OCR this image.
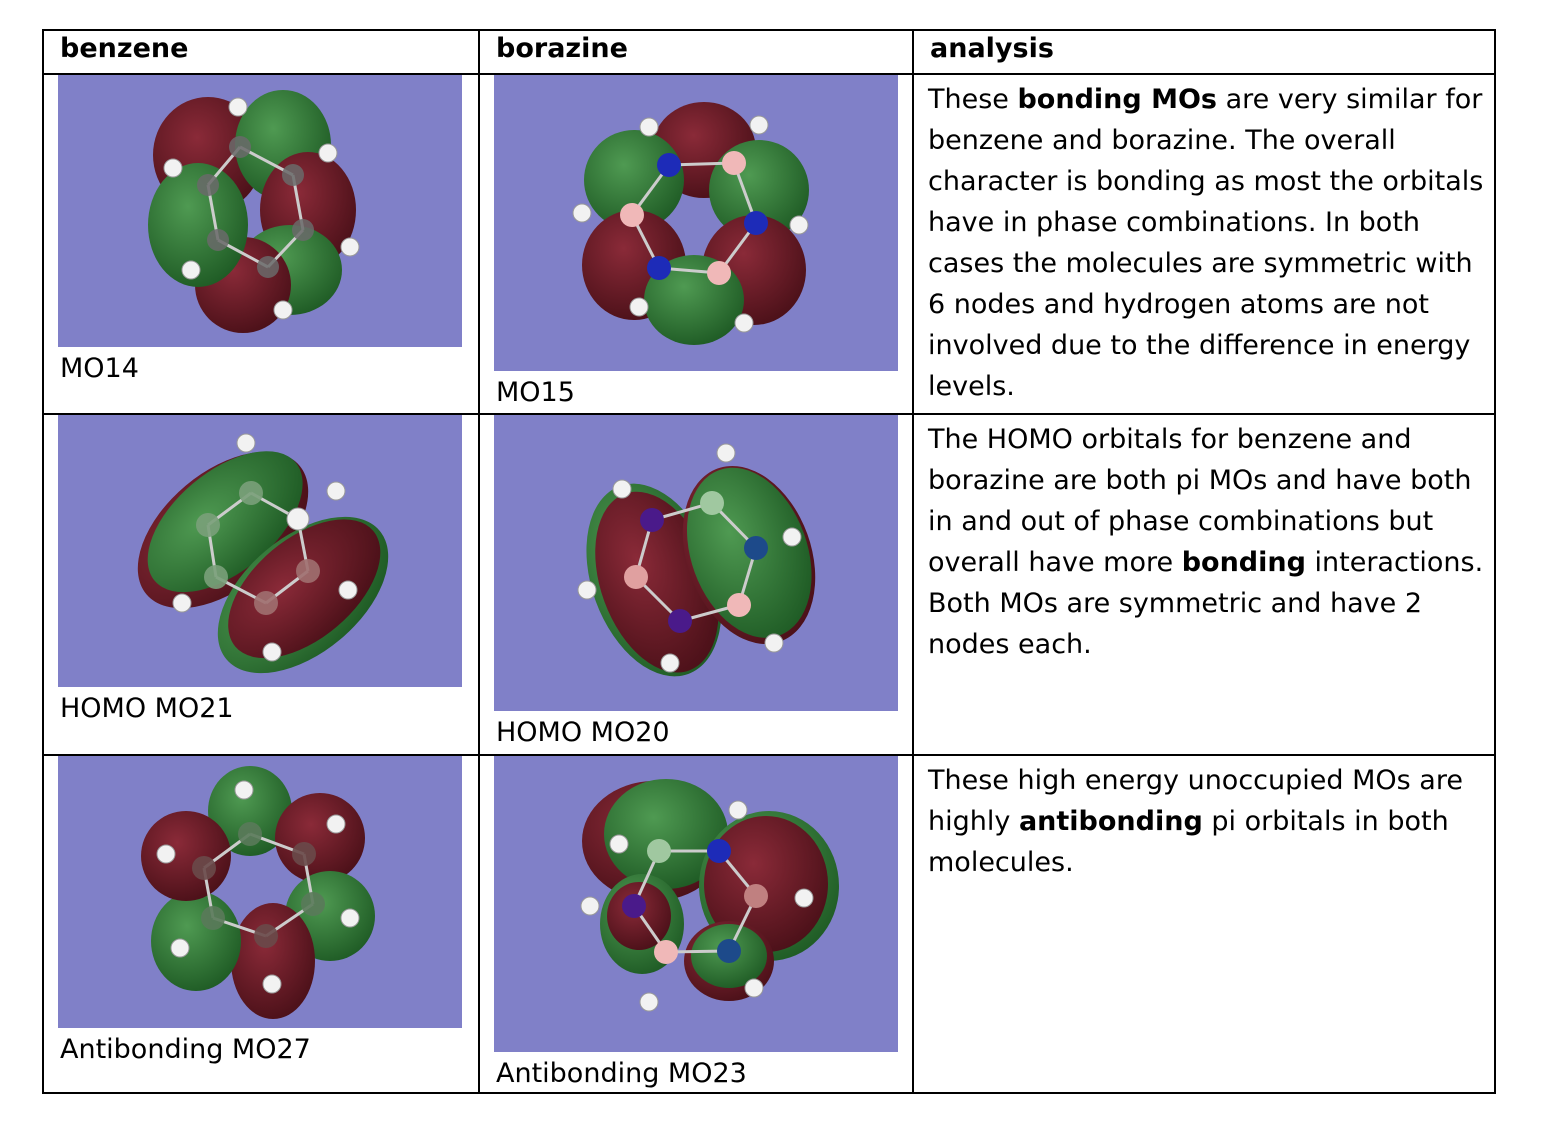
benzene	borazine	analysis

MO14	MO15	These bonding MOs are very similar for benzene and borazine. The overall character is bonding as most the orbitals have in phase combinations. In both cases the molecules are symmetric with 6 nodes and hydrogen atoms are not involved due to the difference in energy levels.

HOMO MO21	HOMO MO20	The HOMO orbitals for benzene and borazine are both pi MOs and have both in and out of phase combinations but overall have more bonding interactions. Both MOs are symmetric and have 2 nodes each.

Antibonding MO27	Antibonding MO23	These high energy unoccupied MOs are highly antibonding pi orbitals in both molecules.
